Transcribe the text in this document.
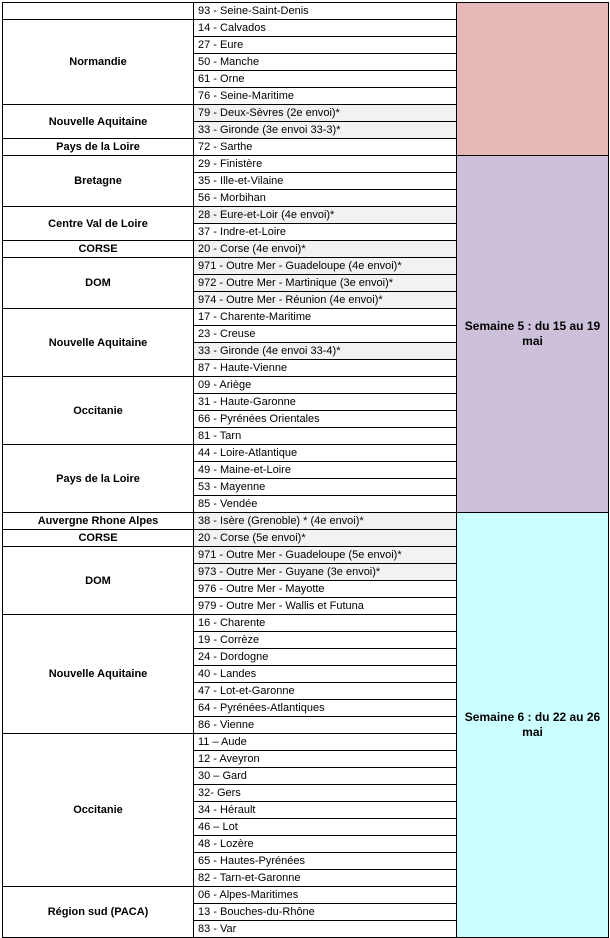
	93 - Seine-Saint-Denis	
Normandie	14 - Calvados	
	27 - Eure	
	50 - Manche	
	61 - Orne	
	76 - Seine-Maritime	
Nouvelle Aquitaine	79 - Deux-Sèvres (2e envoi)*	
	33 - Gironde (3e envoi 33-3)*	
Pays de la Loire	72 - Sarthe	
Bretagne	29 - Finistère	Semaine 5 : du 15 au 19 mai
	35 - Ille-et-Vilaine	
	56 - Morbihan	
Centre Val de Loire	28 - Eure-et-Loir (4e envoi)*	
	37 - Indre-et-Loire	
CORSE	20 - Corse (4e envoi)*	
DOM	971 - Outre Mer - Guadeloupe (4e envoi)*	
	972 - Outre Mer - Martinique (3e envoi)*	
	974 - Outre Mer - Réunion (4e envoi)*	
Nouvelle Aquitaine	17 - Charente-Maritime	
	23 - Creuse	
	33 - Gironde (4e envoi 33-4)*	
	87 - Haute-Vienne	
Occitanie	09 - Ariège	
	31 - Haute-Garonne	
	66 - Pyrénées Orientales	
	81 - Tarn	
Pays de la Loire	44 - Loire-Atlantique	
	49 - Maine-et-Loire	
	53 - Mayenne	
	85 - Vendée	
Auvergne Rhone Alpes	38 - Isère (Grenoble) * (4e envoi)*	Semaine 6 : du 22 au 26 mai
CORSE	20 - Corse (5e envoi)*	
DOM	971 - Outre Mer - Guadeloupe (5e envoi)*	
	973 - Outre Mer - Guyane (3e envoi)*	
	976 - Outre Mer - Mayotte	
	979 - Outre Mer - Wallis et Futuna	
Nouvelle Aquitaine	16 - Charente	
	19 - Corrèze	
	24 - Dordogne	
	40 - Landes	
	47 - Lot-et-Garonne	
	64 - Pyrénées-Atlantiques	
	86 - Vienne	
Occitanie	11 – Aude	
	12 - Aveyron	
	30 – Gard	
	32- Gers	
	34 - Hérault	
	46 – Lot	
	48 - Lozère	
	65 - Hautes-Pyrénées	
	82 - Tarn-et-Garonne	
Région sud (PACA)	06 - Alpes-Maritimes	
	13 - Bouches-du-Rhône	
	83 - Var	
